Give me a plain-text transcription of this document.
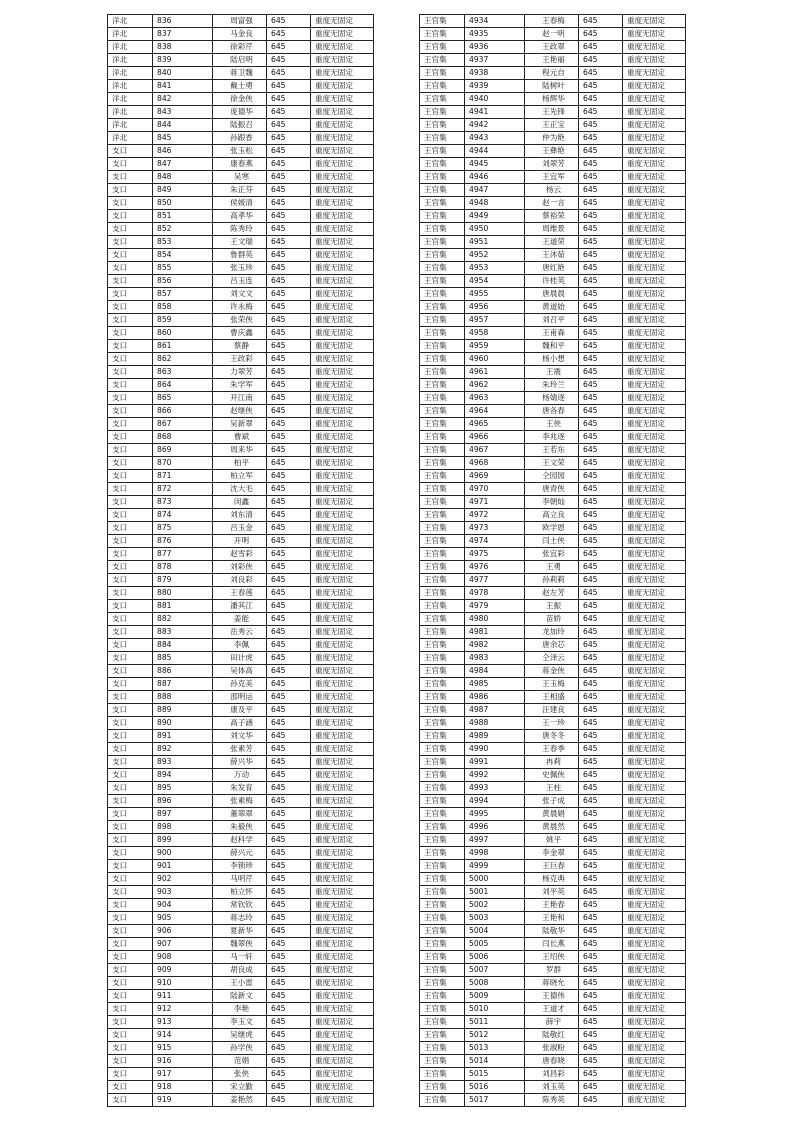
洋北	836	周富强	645	重度无固定
洋北	837	马金良	645	重度无固定
洋北	838	徐彩芹	645	重度无固定
洋北	839	陆启明	645	重度无固定
洋北	840	蒋卫魏	645	重度无固定
洋北	841	戴士勇	645	重度无固定
洋北	842	徐金侠	645	重度无固定
洋北	843	庞德华	645	重度无固定
洋北	844	陆振召	645	重度无固定
洋北	845	孙跟香	645	重度无固定
支口	846	张玉松	645	重度无固定
支口	847	康春燕	645	重度无固定
支口	848	吴寒	645	重度无固定
支口	849	朱正芬	645	重度无固定
支口	850	侯媛清	645	重度无固定
支口	851	高孝华	645	重度无固定
支口	852	陈秀玲	645	重度无固定
支口	853	王文瑞	645	重度无固定
支口	854	鲁群英	645	重度无固定
支口	855	张玉珍	645	重度无固定
支口	856	吕玉连	645	重度无固定
支口	857	刘文文	645	重度无固定
支口	858	许永梅	645	重度无固定
支口	859	张荣侠	645	重度无固定
支口	860	曹庆鑫	645	重度无固定
支口	861	蔡静	645	重度无固定
支口	862	王政彩	645	重度无固定
支口	863	力翠芳	645	重度无固定
支口	864	朱学军	645	重度无固定
支口	865	开江南	645	重度无固定
支口	866	赵继侠	645	重度无固定
支口	867	吴新翠	645	重度无固定
支口	868	曹斌	645	重度无固定
支口	869	周来华	645	重度无固定
支口	870	柏平	645	重度无固定
支口	871	柏立军	645	重度无固定
支口	872	沈大毛	645	重度无固定
支口	873	闵鑫	645	重度无固定
支口	874	刘东清	645	重度无固定
支口	875	吕玉金	645	重度无固定
支口	876	开明	645	重度无固定
支口	877	赵雪彩	645	重度无固定
支口	878	刘彩侠	645	重度无固定
支口	879	刘良彩	645	重度无固定
支口	880	王春莲	645	重度无固定
支口	881	潘其江	645	重度无固定
支口	882	姜能	645	重度无固定
支口	883	岳秀云	645	重度无固定
支口	884	李佩	645	重度无固定
支口	885	田计虎	645	重度无固定
支口	886	吴体高	645	重度无固定
支口	887	孙克美	645	重度无固定
支口	888	邵明运	645	重度无固定
支口	889	康及平	645	重度无固定
支口	890	高子涵	645	重度无固定
支口	891	刘文华	645	重度无固定
支口	892	张素芳	645	重度无固定
支口	893	薛兴华	645	重度无固定
支口	894	万动	645	重度无固定
支口	895	朱发育	645	重度无固定
支口	896	张素梅	645	重度无固定
支口	897	董翠翠	645	重度无固定
支口	898	朱毅侠	645	重度无固定
支口	899	赵科学	645	重度无固定
支口	900	薛兴元	645	重度无固定
支口	901	李锁珍	645	重度无固定
支口	902	马明芹	645	重度无固定
支口	903	柏立怀	645	重度无固定
支口	904	常钦钦	645	重度无固定
支口	905	蒋志玲	645	重度无固定
支口	906	夏新华	645	重度无固定
支口	907	魏翠侠	645	重度无固定
支口	908	马一轩	645	重度无固定
支口	909	胡良成	645	重度无固定
支口	910	王小雷	645	重度无固定
支口	911	陆新文	645	重度无固定
支口	912	李艳	645	重度无固定
支口	913	李玉文	645	重度无固定
支口	914	吴继虎	645	重度无固定
支口	915	孙学侠	645	重度无固定
支口	916	范娟	645	重度无固定
支口	917	张侠	645	重度无固定
支口	918	宋立勤	645	重度无固定
支口	919	姜艳然	645	重度无固定
王官集	4934	王春梅	645	重度无固定
王官集	4935	赵一明	645	重度无固定
王官集	4936	王政翠	645	重度无固定
王官集	4937	王艳丽	645	重度无固定
王官集	4938	程元自	645	重度无固定
王官集	4939	陆树叶	645	重度无固定
王官集	4940	杨辉华	645	重度无固定
王官集	4941	王先锋	645	重度无固定
王官集	4942	王正宝	645	重度无固定
王官集	4943	仲为艳	645	重度无固定
王官集	4944	王彝艳	645	重度无固定
王官集	4945	刘翠芳	645	重度无固定
王官集	4946	王宜军	645	重度无固定
王官集	4947	杨云	645	重度无固定
王官集	4948	赵一言	645	重度无固定
王官集	4949	蔡裕荣	645	重度无固定
王官集	4950	周维景	645	重度无固定
王官集	4951	王道荣	645	重度无固定
王官集	4952	王沐茹	645	重度无固定
王官集	4953	唐红艳	645	重度无固定
王官集	4954	许桂英	645	重度无固定
王官集	4955	唐晨晨	645	重度无固定
王官集	4956	黄道始	645	重度无固定
王官集	4957	刘召平	645	重度无固定
王官集	4958	王甫森	645	重度无固定
王官集	4959	魏和平	645	重度无固定
王官集	4960	杨小想	645	重度无固定
王官集	4961	王震	645	重度无固定
王官集	4962	朱玲兰	645	重度无固定
王官集	4963	杨婧逐	645	重度无固定
王官集	4964	唐各春	645	重度无固定
王官集	4965	王侠	645	重度无固定
王官集	4966	李兆逐	645	重度无固定
王官集	4967	王若东	645	重度无固定
王官集	4968	王文荣	645	重度无固定
王官集	4969	仝园园	645	重度无固定
王官集	4970	唐青侠	645	重度无固定
王官集	4971	李朝灿	645	重度无固定
王官集	4972	高立良	645	重度无固定
王官集	4973	欧学恩	645	重度无固定
王官集	4974	闫士侠	645	重度无固定
王官集	4975	张宜彩	645	重度无固定
王官集	4976	王勇	645	重度无固定
王官集	4977	孙莉莉	645	重度无固定
王官集	4978	赵左芳	645	重度无固定
王官集	4979	王振	645	重度无固定
王官集	4980	苗娇	645	重度无固定
王官集	4981	龙加玲	645	重度无固定
王官集	4982	唐余芯	645	重度无固定
王官集	4983	仝泽云	645	重度无固定
王官集	4984	蒋金侠	645	重度无固定
王官集	4985	王玉梅	645	重度无固定
王官集	4986	王相盛	645	重度无固定
王官集	4987	汪建良	645	重度无固定
王官集	4988	王一珍	645	重度无固定
王官集	4989	唐冬冬	645	重度无固定
王官集	4990	王春季	645	重度无固定
王官集	4991	冉莉	645	重度无固定
王官集	4992	史佩侠	645	重度无固定
王官集	4993	王柱	645	重度无固定
王官集	4994	张子成	645	重度无固定
王官集	4995	黄晨娟	645	重度无固定
王官集	4996	黄晨然	645	重度无固定
王官集	4997	姚平	645	重度无固定
王官集	4998	李金翠	645	重度无固定
王官集	4999	王巨春	645	重度无固定
王官集	5000	杨克典	645	重度无固定
王官集	5001	刘平英	645	重度无固定
王官集	5002	王艳春	645	重度无固定
王官集	5003	王艳和	645	重度无固定
王官集	5004	陆敬华	645	重度无固定
王官集	5005	闫长燕	645	重度无固定
王官集	5006	王绍侠	645	重度无固定
王官集	5007	罗群	645	重度无固定
王官集	5008	蒋晓允	645	重度无固定
王官集	5009	王德伟	645	重度无固定
王官集	5010	王道才	645	重度无固定
王官集	5011	薛宇	645	重度无固定
王官集	5012	陆敬红	645	重度无固定
王官集	5013	张淑粉	645	重度无固定
王官集	5014	唐春晓	645	重度无固定
王官集	5015	刘昌彩	645	重度无固定
王官集	5016	刘玉英	645	重度无固定
王官集	5017	陈秀英	645	重度无固定
